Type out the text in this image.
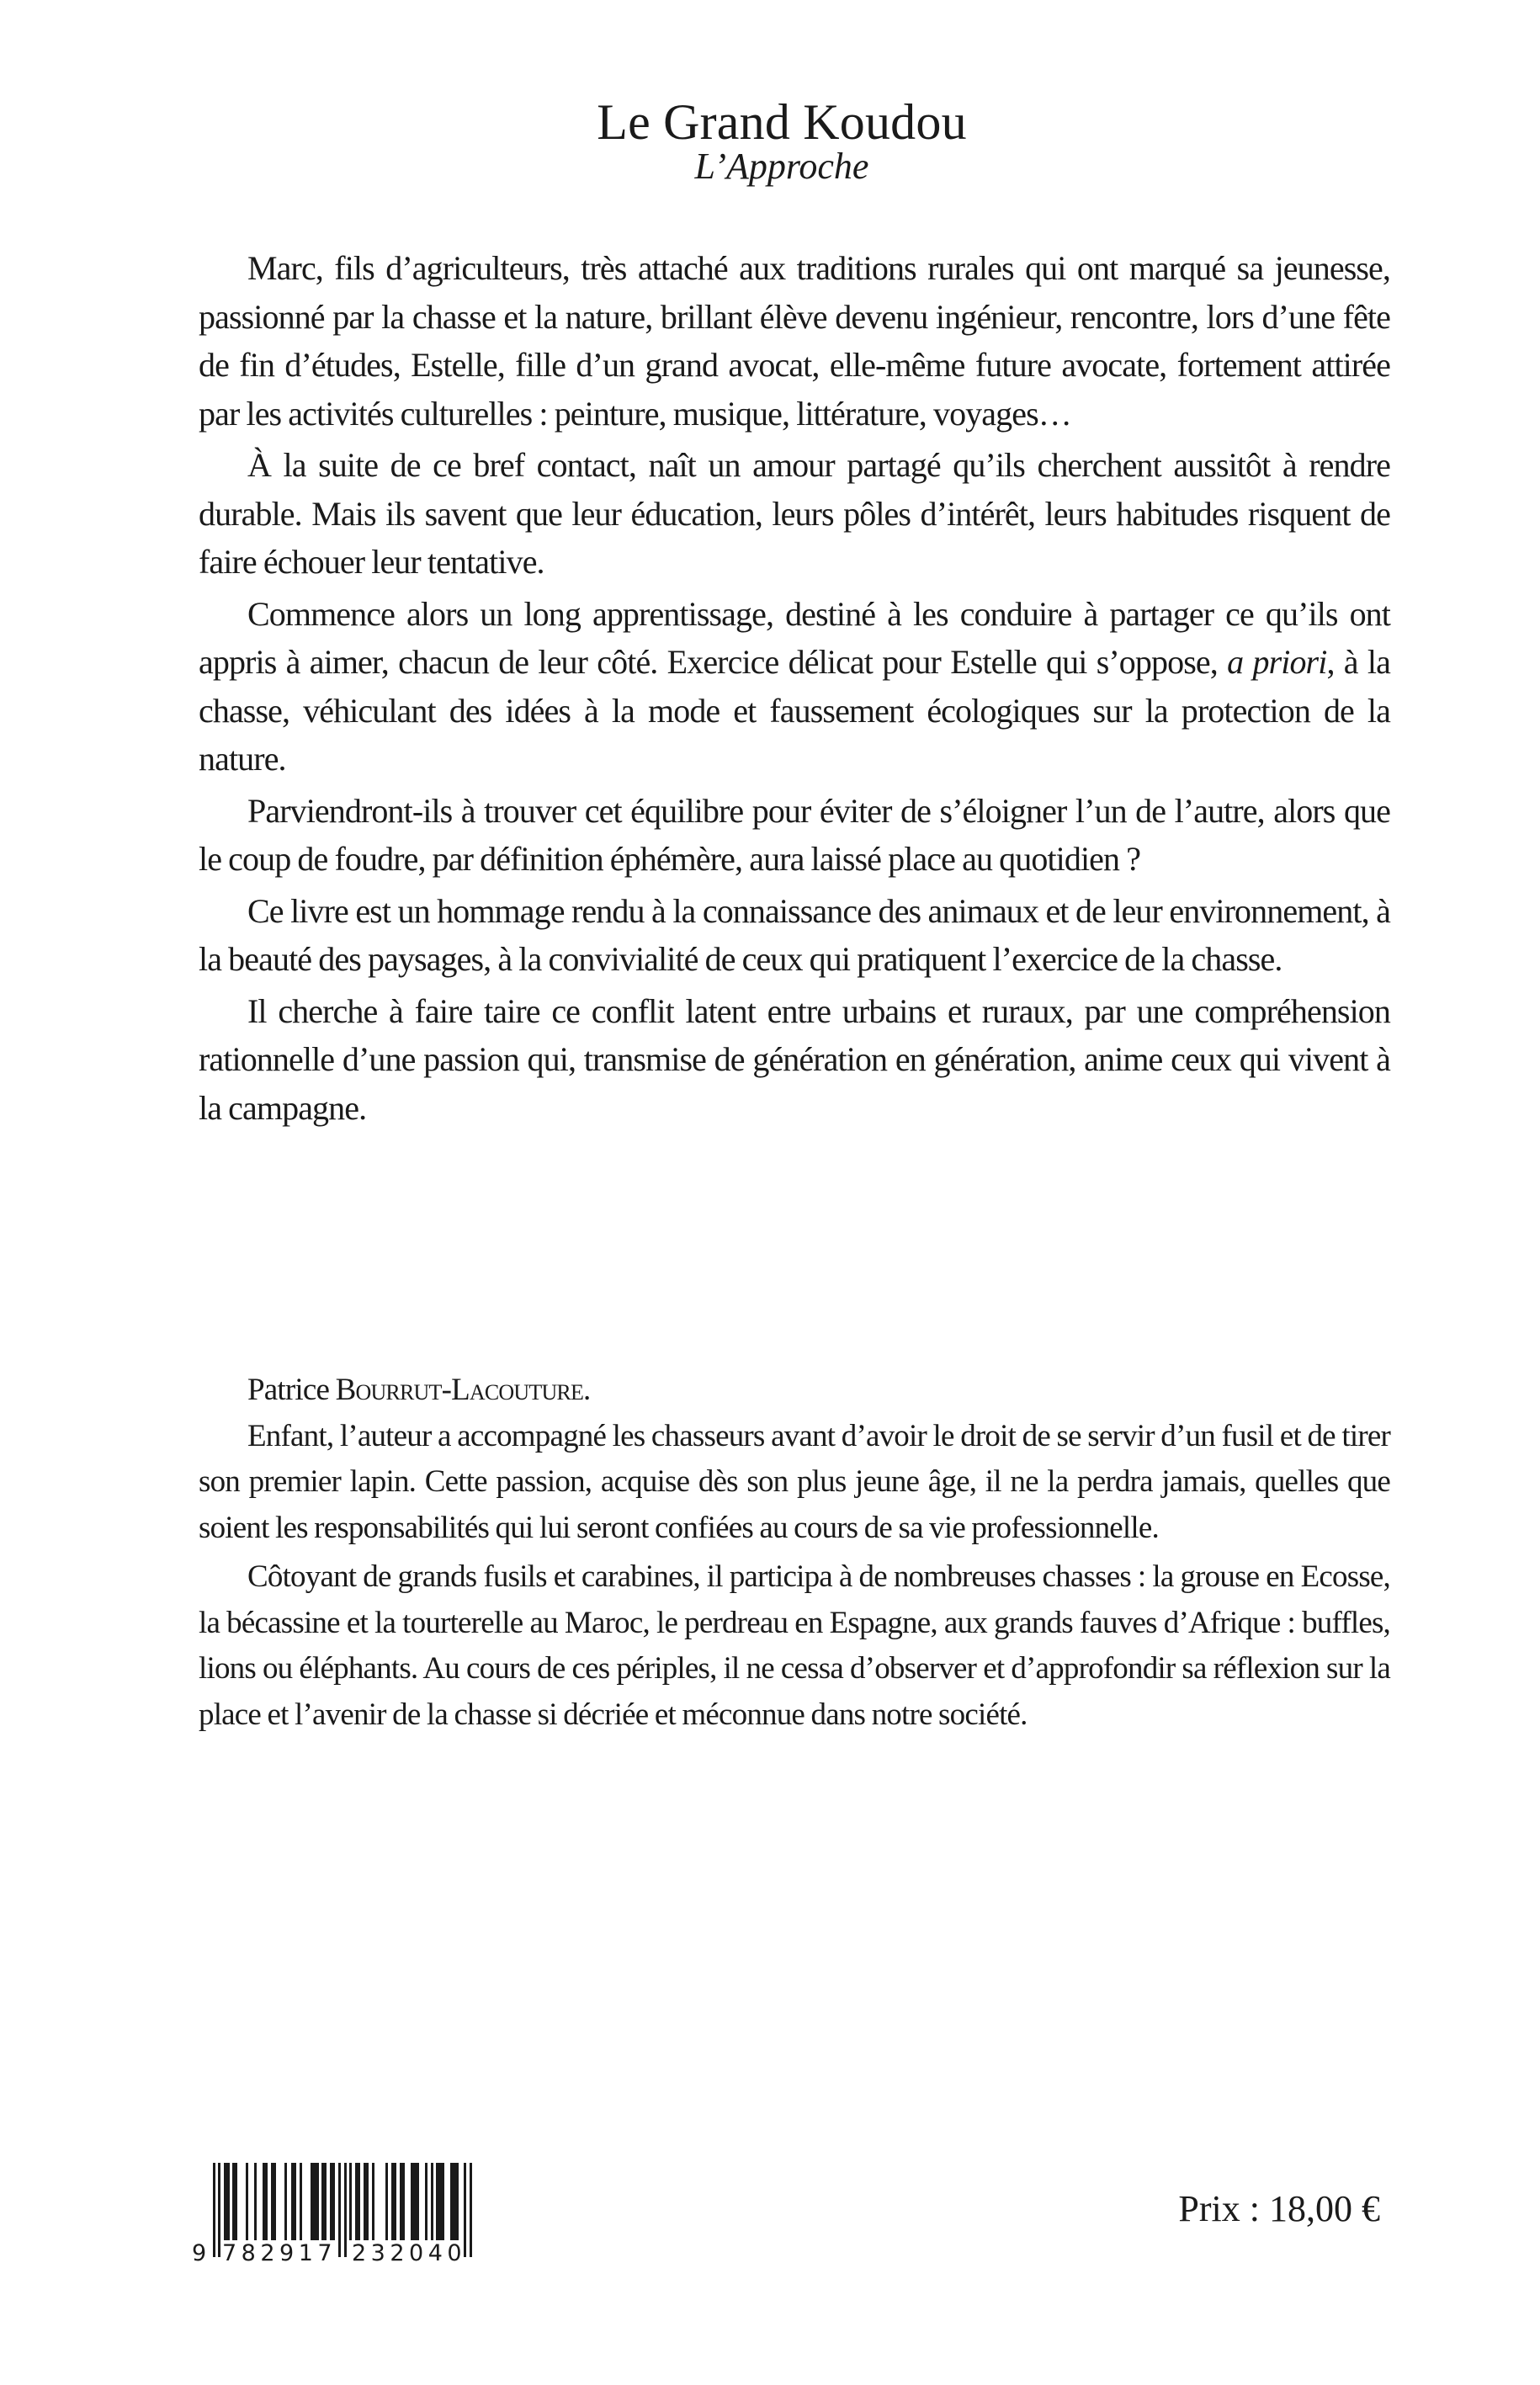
Le Grand Koudou
L’Approche

Marc, fils d’agriculteurs, très attaché aux traditions rurales qui ont marqué sa jeunesse, passionné par la chasse et la nature, brillant élève devenu ingénieur, rencontre, lors d’une fête de fin d’études, Estelle, fille d’un grand avocat, elle-même future avocate, fortement attirée par les activités culturelles : peinture, musique, littérature, voyages…

À la suite de ce bref contact, naît un amour partagé qu’ils cherchent aussitôt à rendre durable. Mais ils savent que leur éducation, leurs pôles d’intérêt, leurs habitudes risquent de faire échouer leur tentative.

Commence alors un long apprentissage, destiné à les conduire à partager ce qu’ils ont appris à aimer, chacun de leur côté. Exercice délicat pour Estelle qui s’oppose, a priori, à la chasse, véhiculant des idées à la mode et faussement écologiques sur la protection de la nature.

Parviendront-ils à trouver cet équilibre pour éviter de s’éloigner l’un de l’autre, alors que le coup de foudre, par définition éphémère, aura laissé place au quotidien ?

Ce livre est un hommage rendu à la connaissance des animaux et de leur environnement, à la beauté des paysages, à la convivialité de ceux qui pratiquent l’exercice de la chasse.

Il cherche à faire taire ce conflit latent entre urbains et ruraux, par une compréhension rationnelle d’une passion qui, transmise de génération en génération, anime ceux qui vivent à la campagne.

Patrice Bourrut-Lacouture.

Enfant, l’auteur a accompagné les chasseurs avant d’avoir le droit de se servir d’un fusil et de tirer son premier lapin. Cette passion, acquise dès son plus jeune âge, il ne la perdra jamais, quelles que soient les responsabilités qui lui seront confiées au cours de sa vie professionnelle.

Côtoyant de grands fusils et carabines, il participa à de nombreuses chasses : la grouse en Ecosse, la bécassine et la tourterelle au Maroc, le perdreau en Espagne, aux grands fauves d’Afrique : buffles, lions ou éléphants. Au cours de ces périples, il ne cessa d’observer et d’approfondir sa réflexion sur la place et l’avenir de la chasse si décriée et méconnue dans notre société.

9 782917 232040
Prix : 18,00 €
